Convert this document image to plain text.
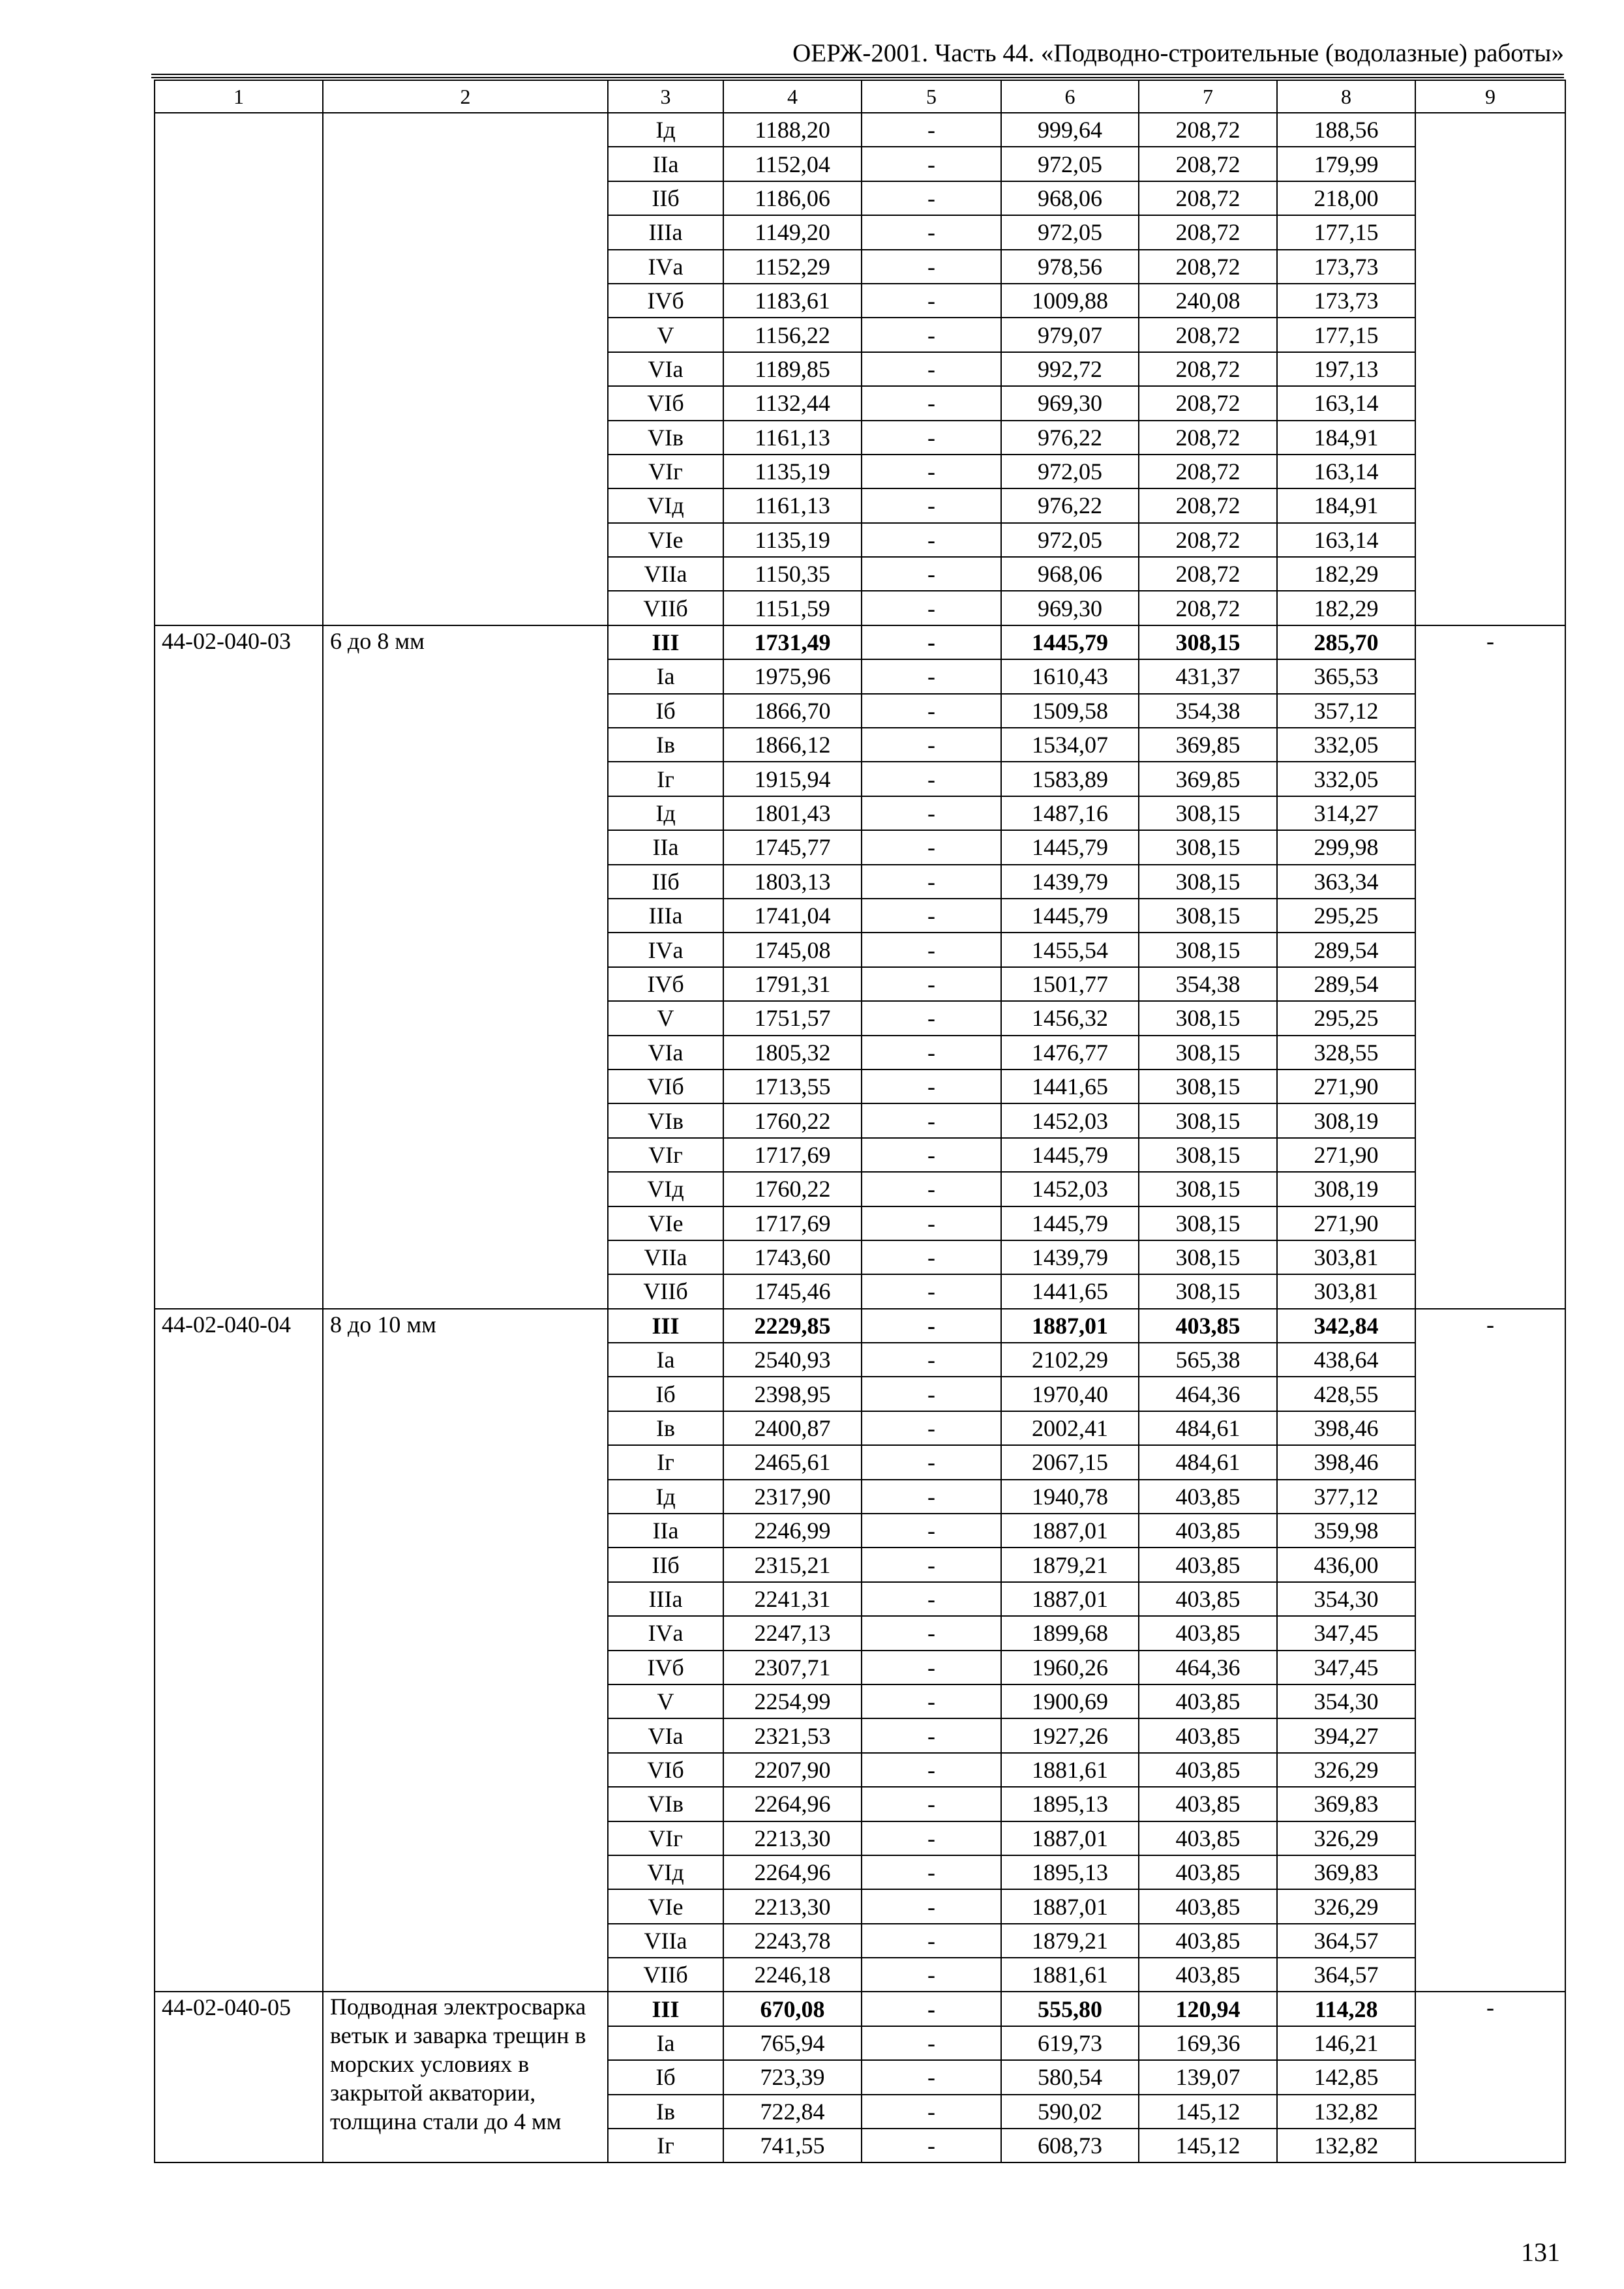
ОЕРЖ-2001. Часть 44. «Подводно-строительные (водолазные) работы»
1	2	3	4	5	6	7	8	9
		Iд	1188,20	-	999,64	208,72	188,56	
		IIа	1152,04	-	972,05	208,72	179,99	
		IIб	1186,06	-	968,06	208,72	218,00	
		IIIа	1149,20	-	972,05	208,72	177,15	
		IVа	1152,29	-	978,56	208,72	173,73	
		IVб	1183,61	-	1009,88	240,08	173,73	
		V	1156,22	-	979,07	208,72	177,15	
		VIа	1189,85	-	992,72	208,72	197,13	
		VIб	1132,44	-	969,30	208,72	163,14	
		VIв	1161,13	-	976,22	208,72	184,91	
		VIг	1135,19	-	972,05	208,72	163,14	
		VIд	1161,13	-	976,22	208,72	184,91	
		VIе	1135,19	-	972,05	208,72	163,14	
		VIIа	1150,35	-	968,06	208,72	182,29	
		VIIб	1151,59	-	969,30	208,72	182,29	
44-02-040-03	6 до 8 мм	III	1731,49	-	1445,79	308,15	285,70	-
		Iа	1975,96	-	1610,43	431,37	365,53	
		Iб	1866,70	-	1509,58	354,38	357,12	
		Iв	1866,12	-	1534,07	369,85	332,05	
		Iг	1915,94	-	1583,89	369,85	332,05	
		Iд	1801,43	-	1487,16	308,15	314,27	
		IIа	1745,77	-	1445,79	308,15	299,98	
		IIб	1803,13	-	1439,79	308,15	363,34	
		IIIа	1741,04	-	1445,79	308,15	295,25	
		IVа	1745,08	-	1455,54	308,15	289,54	
		IVб	1791,31	-	1501,77	354,38	289,54	
		V	1751,57	-	1456,32	308,15	295,25	
		VIа	1805,32	-	1476,77	308,15	328,55	
		VIб	1713,55	-	1441,65	308,15	271,90	
		VIв	1760,22	-	1452,03	308,15	308,19	
		VIг	1717,69	-	1445,79	308,15	271,90	
		VIд	1760,22	-	1452,03	308,15	308,19	
		VIе	1717,69	-	1445,79	308,15	271,90	
		VIIа	1743,60	-	1439,79	308,15	303,81	
		VIIб	1745,46	-	1441,65	308,15	303,81	
44-02-040-04	8 до 10 мм	III	2229,85	-	1887,01	403,85	342,84	-
		Iа	2540,93	-	2102,29	565,38	438,64	
		Iб	2398,95	-	1970,40	464,36	428,55	
		Iв	2400,87	-	2002,41	484,61	398,46	
		Iг	2465,61	-	2067,15	484,61	398,46	
		Iд	2317,90	-	1940,78	403,85	377,12	
		IIа	2246,99	-	1887,01	403,85	359,98	
		IIб	2315,21	-	1879,21	403,85	436,00	
		IIIа	2241,31	-	1887,01	403,85	354,30	
		IVа	2247,13	-	1899,68	403,85	347,45	
		IVб	2307,71	-	1960,26	464,36	347,45	
		V	2254,99	-	1900,69	403,85	354,30	
		VIа	2321,53	-	1927,26	403,85	394,27	
		VIб	2207,90	-	1881,61	403,85	326,29	
		VIв	2264,96	-	1895,13	403,85	369,83	
		VIг	2213,30	-	1887,01	403,85	326,29	
		VIд	2264,96	-	1895,13	403,85	369,83	
		VIе	2213,30	-	1887,01	403,85	326,29	
		VIIа	2243,78	-	1879,21	403,85	364,57	
		VIIб	2246,18	-	1881,61	403,85	364,57	
44-02-040-05	Подводная электросварка ветык и заварка трещин в морских условиях в закрытой акватории, толщина стали до 4 мм	III	670,08	-	555,80	120,94	114,28	-
		Iа	765,94	-	619,73	169,36	146,21	
		Iб	723,39	-	580,54	139,07	142,85	
		Iв	722,84	-	590,02	145,12	132,82	
		Iг	741,55	-	608,73	145,12	132,82	
131
